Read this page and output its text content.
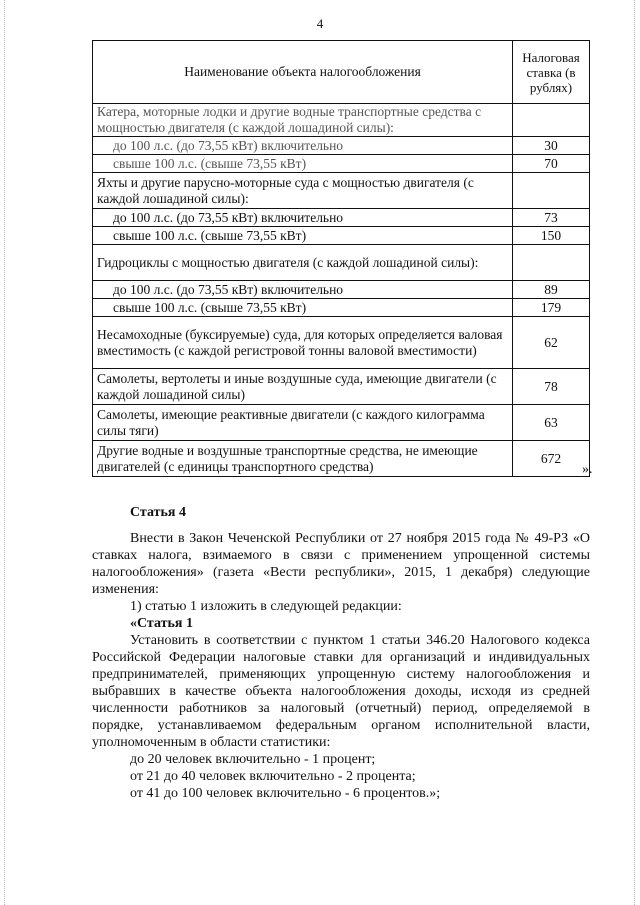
4
Наименование объекта налогообложения	Налоговая ставка (в рублях)
Катера, моторные лодки и другие водные транспортные средства с мощностью двигателя (с каждой лошадиной силы):	
до 100 л.с. (до 73,55 кВт) включительно	30
свыше 100 л.с. (свыше 73,55 кВт)	70
Яхты и другие парусно-моторные суда с мощностью двигателя (с каждой лошадиной силы):	
до 100 л.с. (до 73,55 кВт) включительно	73
свыше 100 л.с. (свыше 73,55 кВт)	150
Гидроциклы с мощностью двигателя (с каждой лошадиной силы):	
до 100 л.с. (до 73,55 кВт) включительно	89
свыше 100 л.с. (свыше 73,55 кВт)	179
Несамоходные (буксируемые) суда, для которых определяется валовая вместимость (с каждой регистровой тонны валовой вместимости)	62
Самолеты, вертолеты и иные воздушные суда, имеющие двигатели (с каждой лошадиной силы)	78
Самолеты, имеющие реактивные двигатели (с каждого килограмма силы тяги)	63
Другие водные и воздушные транспортные средства, не имеющие двигателей (с единицы транспортного средства)	672
».
Статья 4

Внести в Закон Чеченской Республики от 27 ноября 2015 года № 49-РЗ «О ставках налога, взимаемого в связи с применением упрощенной системы налогообложения» (газета «Вести республики», 2015, 1 декабря) следующие изменения:

1) статью 1 изложить в следующей редакции:

«Статья 1

Установить в соответствии с пунктом 1 статьи 346.20 Налогового кодекса Российской Федерации налоговые ставки для организаций и индивидуальных предпринимателей, применяющих упрощенную систему налогообложения и выбравших в качестве объекта налогообложения доходы, исходя из средней численности работников за налоговый (отчетный) период, определяемой в порядке, устанавливаемом федеральным органом исполнительной власти, уполномоченным в области статистики:

до 20 человек включительно - 1 процент;

от 21 до 40 человек включительно - 2 процента;

от 41 до 100 человек включительно - 6 процентов.»;
